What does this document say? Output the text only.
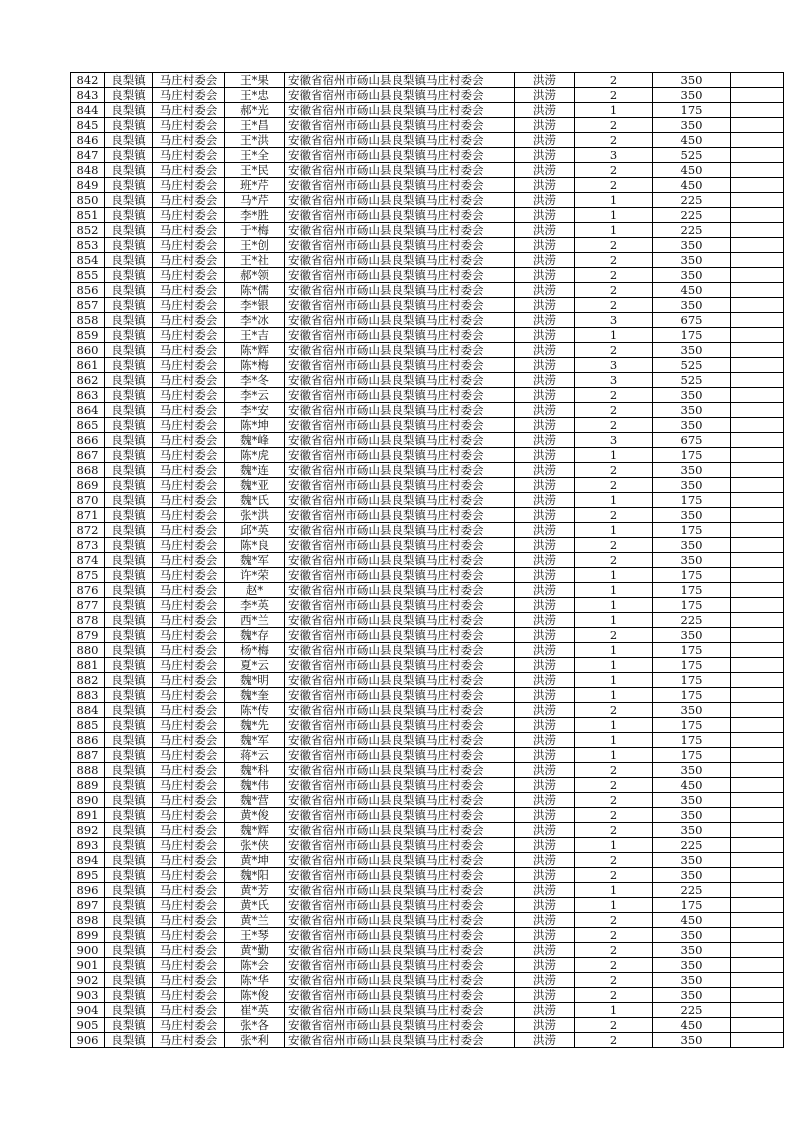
842	良梨镇	马庄村委会	王*果	安徽省宿州市砀山县良梨镇马庄村委会	洪涝	2	350	
843	良梨镇	马庄村委会	王*忠	安徽省宿州市砀山县良梨镇马庄村委会	洪涝	2	350	
844	良梨镇	马庄村委会	郝*光	安徽省宿州市砀山县良梨镇马庄村委会	洪涝	1	175	
845	良梨镇	马庄村委会	王*昌	安徽省宿州市砀山县良梨镇马庄村委会	洪涝	2	350	
846	良梨镇	马庄村委会	王*洪	安徽省宿州市砀山县良梨镇马庄村委会	洪涝	2	450	
847	良梨镇	马庄村委会	王*全	安徽省宿州市砀山县良梨镇马庄村委会	洪涝	3	525	
848	良梨镇	马庄村委会	王*民	安徽省宿州市砀山县良梨镇马庄村委会	洪涝	2	450	
849	良梨镇	马庄村委会	班*芹	安徽省宿州市砀山县良梨镇马庄村委会	洪涝	2	450	
850	良梨镇	马庄村委会	马*芹	安徽省宿州市砀山县良梨镇马庄村委会	洪涝	1	225	
851	良梨镇	马庄村委会	李*胜	安徽省宿州市砀山县良梨镇马庄村委会	洪涝	1	225	
852	良梨镇	马庄村委会	于*梅	安徽省宿州市砀山县良梨镇马庄村委会	洪涝	1	225	
853	良梨镇	马庄村委会	王*创	安徽省宿州市砀山县良梨镇马庄村委会	洪涝	2	350	
854	良梨镇	马庄村委会	王*社	安徽省宿州市砀山县良梨镇马庄村委会	洪涝	2	350	
855	良梨镇	马庄村委会	郝*领	安徽省宿州市砀山县良梨镇马庄村委会	洪涝	2	350	
856	良梨镇	马庄村委会	陈*儒	安徽省宿州市砀山县良梨镇马庄村委会	洪涝	2	450	
857	良梨镇	马庄村委会	李*银	安徽省宿州市砀山县良梨镇马庄村委会	洪涝	2	350	
858	良梨镇	马庄村委会	李*冰	安徽省宿州市砀山县良梨镇马庄村委会	洪涝	3	675	
859	良梨镇	马庄村委会	王*吉	安徽省宿州市砀山县良梨镇马庄村委会	洪涝	1	175	
860	良梨镇	马庄村委会	陈*辉	安徽省宿州市砀山县良梨镇马庄村委会	洪涝	2	350	
861	良梨镇	马庄村委会	陈*梅	安徽省宿州市砀山县良梨镇马庄村委会	洪涝	3	525	
862	良梨镇	马庄村委会	李*冬	安徽省宿州市砀山县良梨镇马庄村委会	洪涝	3	525	
863	良梨镇	马庄村委会	李*云	安徽省宿州市砀山县良梨镇马庄村委会	洪涝	2	350	
864	良梨镇	马庄村委会	李*安	安徽省宿州市砀山县良梨镇马庄村委会	洪涝	2	350	
865	良梨镇	马庄村委会	陈*坤	安徽省宿州市砀山县良梨镇马庄村委会	洪涝	2	350	
866	良梨镇	马庄村委会	魏*峰	安徽省宿州市砀山县良梨镇马庄村委会	洪涝	3	675	
867	良梨镇	马庄村委会	陈*虎	安徽省宿州市砀山县良梨镇马庄村委会	洪涝	1	175	
868	良梨镇	马庄村委会	魏*连	安徽省宿州市砀山县良梨镇马庄村委会	洪涝	2	350	
869	良梨镇	马庄村委会	魏*亚	安徽省宿州市砀山县良梨镇马庄村委会	洪涝	2	350	
870	良梨镇	马庄村委会	魏*氏	安徽省宿州市砀山县良梨镇马庄村委会	洪涝	1	175	
871	良梨镇	马庄村委会	张*洪	安徽省宿州市砀山县良梨镇马庄村委会	洪涝	2	350	
872	良梨镇	马庄村委会	邱*英	安徽省宿州市砀山县良梨镇马庄村委会	洪涝	1	175	
873	良梨镇	马庄村委会	陈*良	安徽省宿州市砀山县良梨镇马庄村委会	洪涝	2	350	
874	良梨镇	马庄村委会	魏*军	安徽省宿州市砀山县良梨镇马庄村委会	洪涝	2	350	
875	良梨镇	马庄村委会	许*荣	安徽省宿州市砀山县良梨镇马庄村委会	洪涝	1	175	
876	良梨镇	马庄村委会	赵*	安徽省宿州市砀山县良梨镇马庄村委会	洪涝	1	175	
877	良梨镇	马庄村委会	李*英	安徽省宿州市砀山县良梨镇马庄村委会	洪涝	1	175	
878	良梨镇	马庄村委会	西*兰	安徽省宿州市砀山县良梨镇马庄村委会	洪涝	1	225	
879	良梨镇	马庄村委会	魏*存	安徽省宿州市砀山县良梨镇马庄村委会	洪涝	2	350	
880	良梨镇	马庄村委会	杨*梅	安徽省宿州市砀山县良梨镇马庄村委会	洪涝	1	175	
881	良梨镇	马庄村委会	夏*云	安徽省宿州市砀山县良梨镇马庄村委会	洪涝	1	175	
882	良梨镇	马庄村委会	魏*明	安徽省宿州市砀山县良梨镇马庄村委会	洪涝	1	175	
883	良梨镇	马庄村委会	魏*奎	安徽省宿州市砀山县良梨镇马庄村委会	洪涝	1	175	
884	良梨镇	马庄村委会	陈*传	安徽省宿州市砀山县良梨镇马庄村委会	洪涝	2	350	
885	良梨镇	马庄村委会	魏*先	安徽省宿州市砀山县良梨镇马庄村委会	洪涝	1	175	
886	良梨镇	马庄村委会	魏*军	安徽省宿州市砀山县良梨镇马庄村委会	洪涝	1	175	
887	良梨镇	马庄村委会	蒋*云	安徽省宿州市砀山县良梨镇马庄村委会	洪涝	1	175	
888	良梨镇	马庄村委会	魏*科	安徽省宿州市砀山县良梨镇马庄村委会	洪涝	2	350	
889	良梨镇	马庄村委会	魏*伟	安徽省宿州市砀山县良梨镇马庄村委会	洪涝	2	450	
890	良梨镇	马庄村委会	魏*营	安徽省宿州市砀山县良梨镇马庄村委会	洪涝	2	350	
891	良梨镇	马庄村委会	黄*俊	安徽省宿州市砀山县良梨镇马庄村委会	洪涝	2	350	
892	良梨镇	马庄村委会	魏*辉	安徽省宿州市砀山县良梨镇马庄村委会	洪涝	2	350	
893	良梨镇	马庄村委会	张*侠	安徽省宿州市砀山县良梨镇马庄村委会	洪涝	1	225	
894	良梨镇	马庄村委会	黄*坤	安徽省宿州市砀山县良梨镇马庄村委会	洪涝	2	350	
895	良梨镇	马庄村委会	魏*阳	安徽省宿州市砀山县良梨镇马庄村委会	洪涝	2	350	
896	良梨镇	马庄村委会	黄*芳	安徽省宿州市砀山县良梨镇马庄村委会	洪涝	1	225	
897	良梨镇	马庄村委会	黄*氏	安徽省宿州市砀山县良梨镇马庄村委会	洪涝	1	175	
898	良梨镇	马庄村委会	黄*兰	安徽省宿州市砀山县良梨镇马庄村委会	洪涝	2	450	
899	良梨镇	马庄村委会	王*琴	安徽省宿州市砀山县良梨镇马庄村委会	洪涝	2	350	
900	良梨镇	马庄村委会	黄*勤	安徽省宿州市砀山县良梨镇马庄村委会	洪涝	2	350	
901	良梨镇	马庄村委会	陈*会	安徽省宿州市砀山县良梨镇马庄村委会	洪涝	2	350	
902	良梨镇	马庄村委会	陈*华	安徽省宿州市砀山县良梨镇马庄村委会	洪涝	2	350	
903	良梨镇	马庄村委会	陈*俊	安徽省宿州市砀山县良梨镇马庄村委会	洪涝	2	350	
904	良梨镇	马庄村委会	崔*英	安徽省宿州市砀山县良梨镇马庄村委会	洪涝	1	225	
905	良梨镇	马庄村委会	张*各	安徽省宿州市砀山县良梨镇马庄村委会	洪涝	2	450	
906	良梨镇	马庄村委会	张*利	安徽省宿州市砀山县良梨镇马庄村委会	洪涝	2	350	
